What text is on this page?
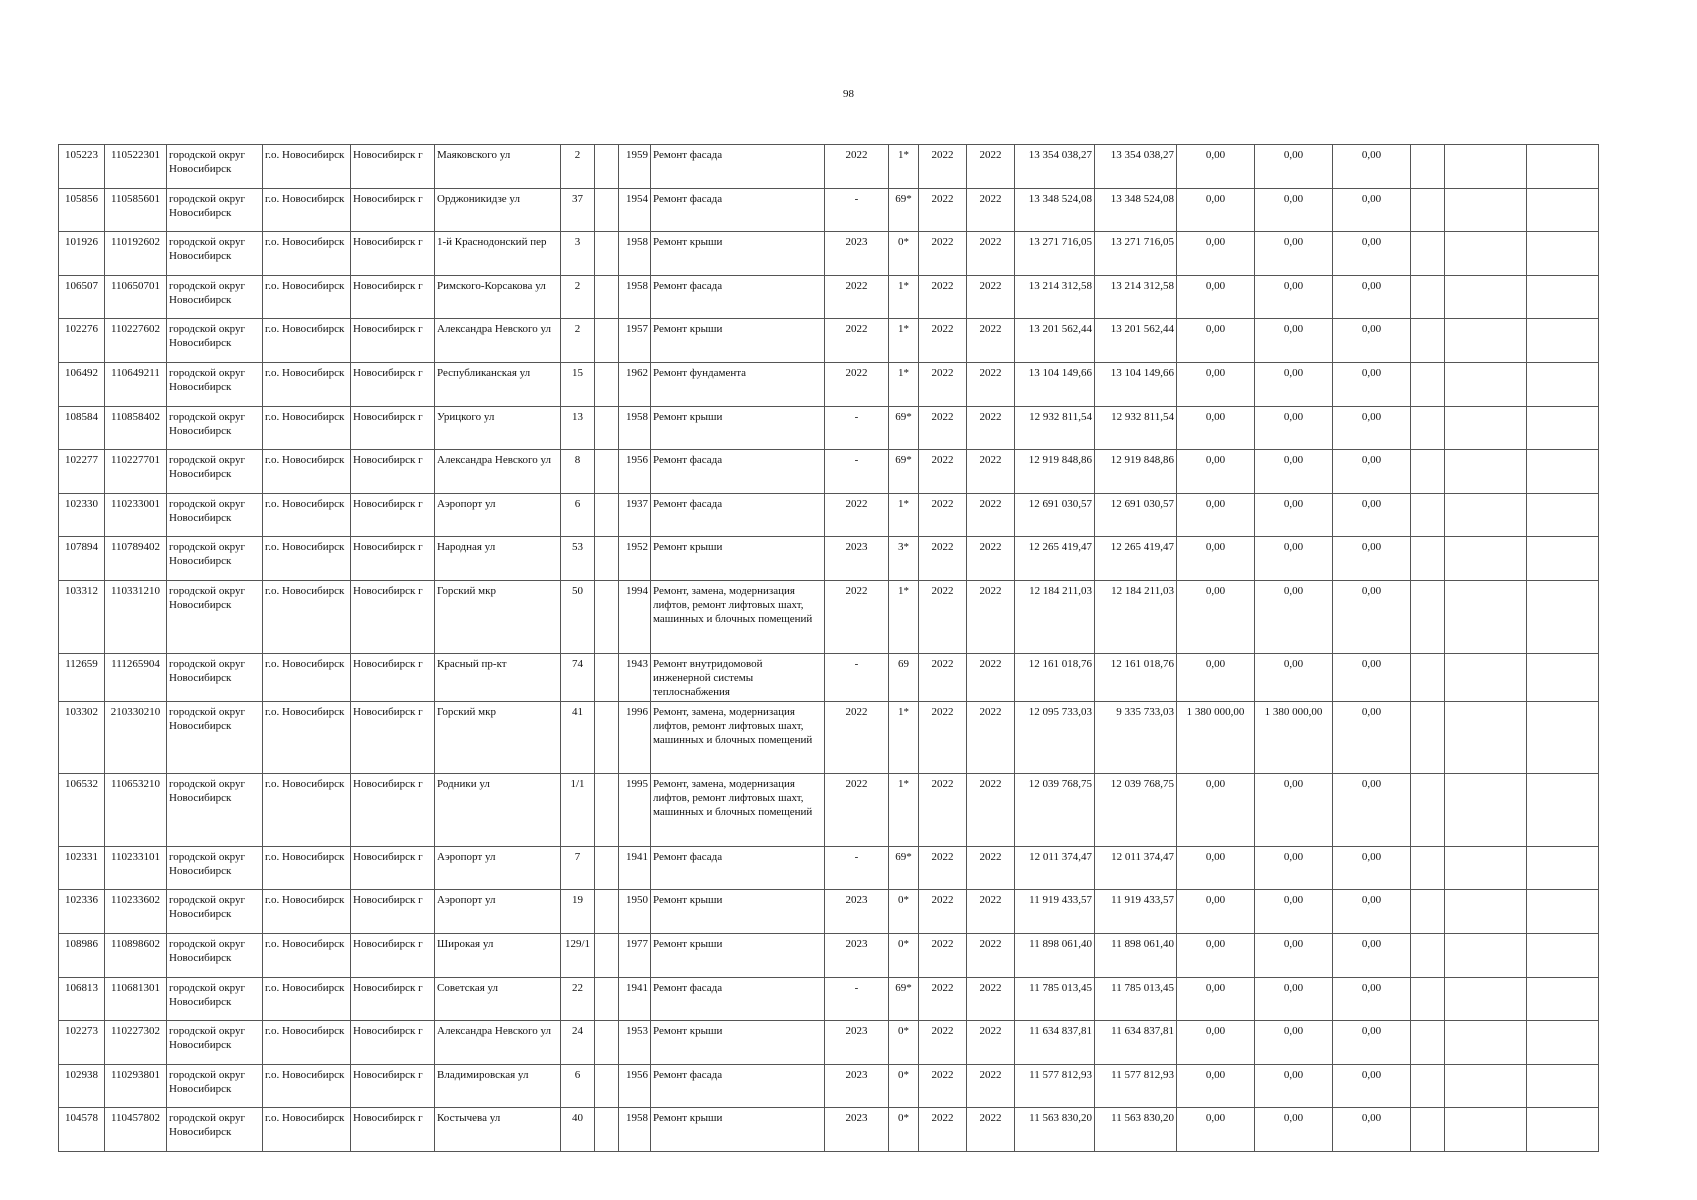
98
105223	110522301	городской округ Новосибирск	г.о. Новосибирск	Новосибирск г	Маяковского ул	2		1959	Ремонт фасада	2022	1*	2022	2022	13 354 038,27	13 354 038,27	0,00	0,00	0,00			
105856	110585601	городской округ Новосибирск	г.о. Новосибирск	Новосибирск г	Орджоникидзе ул	37		1954	Ремонт фасада	-	69*	2022	2022	13 348 524,08	13 348 524,08	0,00	0,00	0,00			
101926	110192602	городской округ Новосибирск	г.о. Новосибирск	Новосибирск г	1-й Краснодонский пер	3		1958	Ремонт крыши	2023	0*	2022	2022	13 271 716,05	13 271 716,05	0,00	0,00	0,00			
106507	110650701	городской округ Новосибирск	г.о. Новосибирск	Новосибирск г	Римского-Корсакова ул	2		1958	Ремонт фасада	2022	1*	2022	2022	13 214 312,58	13 214 312,58	0,00	0,00	0,00			
102276	110227602	городской округ Новосибирск	г.о. Новосибирск	Новосибирск г	Александра Невского ул	2		1957	Ремонт крыши	2022	1*	2022	2022	13 201 562,44	13 201 562,44	0,00	0,00	0,00			
106492	110649211	городской округ Новосибирск	г.о. Новосибирск	Новосибирск г	Республиканская ул	15		1962	Ремонт фундамента	2022	1*	2022	2022	13 104 149,66	13 104 149,66	0,00	0,00	0,00			
108584	110858402	городской округ Новосибирск	г.о. Новосибирск	Новосибирск г	Урицкого ул	13		1958	Ремонт крыши	-	69*	2022	2022	12 932 811,54	12 932 811,54	0,00	0,00	0,00			
102277	110227701	городской округ Новосибирск	г.о. Новосибирск	Новосибирск г	Александра Невского ул	8		1956	Ремонт фасада	-	69*	2022	2022	12 919 848,86	12 919 848,86	0,00	0,00	0,00			
102330	110233001	городской округ Новосибирск	г.о. Новосибирск	Новосибирск г	Аэропорт ул	6		1937	Ремонт фасада	2022	1*	2022	2022	12 691 030,57	12 691 030,57	0,00	0,00	0,00			
107894	110789402	городской округ Новосибирск	г.о. Новосибирск	Новосибирск г	Народная ул	53		1952	Ремонт крыши	2023	3*	2022	2022	12 265 419,47	12 265 419,47	0,00	0,00	0,00			
103312	110331210	городской округ Новосибирск	г.о. Новосибирск	Новосибирск г	Горский мкр	50		1994	Ремонт, замена, модернизация лифтов, ремонт лифтовых шахт, машинных и блочных помещений	2022	1*	2022	2022	12 184 211,03	12 184 211,03	0,00	0,00	0,00			
112659	111265904	городской округ Новосибирск	г.о. Новосибирск	Новосибирск г	Красный пр-кт	74		1943	Ремонт внутридомовой инженерной системы теплоснабжения	-	69	2022	2022	12 161 018,76	12 161 018,76	0,00	0,00	0,00			
103302	210330210	городской округ Новосибирск	г.о. Новосибирск	Новосибирск г	Горский мкр	41		1996	Ремонт, замена, модернизация лифтов, ремонт лифтовых шахт, машинных и блочных помещений	2022	1*	2022	2022	12 095 733,03	9 335 733,03	1 380 000,00	1 380 000,00	0,00			
106532	110653210	городской округ Новосибирск	г.о. Новосибирск	Новосибирск г	Родники ул	1/1		1995	Ремонт, замена, модернизация лифтов, ремонт лифтовых шахт, машинных и блочных помещений	2022	1*	2022	2022	12 039 768,75	12 039 768,75	0,00	0,00	0,00			
102331	110233101	городской округ Новосибирск	г.о. Новосибирск	Новосибирск г	Аэропорт ул	7		1941	Ремонт фасада	-	69*	2022	2022	12 011 374,47	12 011 374,47	0,00	0,00	0,00			
102336	110233602	городской округ Новосибирск	г.о. Новосибирск	Новосибирск г	Аэропорт ул	19		1950	Ремонт крыши	2023	0*	2022	2022	11 919 433,57	11 919 433,57	0,00	0,00	0,00			
108986	110898602	городской округ Новосибирск	г.о. Новосибирск	Новосибирск г	Широкая ул	129/1		1977	Ремонт крыши	2023	0*	2022	2022	11 898 061,40	11 898 061,40	0,00	0,00	0,00			
106813	110681301	городской округ Новосибирск	г.о. Новосибирск	Новосибирск г	Советская ул	22		1941	Ремонт фасада	-	69*	2022	2022	11 785 013,45	11 785 013,45	0,00	0,00	0,00			
102273	110227302	городской округ Новосибирск	г.о. Новосибирск	Новосибирск г	Александра Невского ул	24		1953	Ремонт крыши	2023	0*	2022	2022	11 634 837,81	11 634 837,81	0,00	0,00	0,00			
102938	110293801	городской округ Новосибирск	г.о. Новосибирск	Новосибирск г	Владимировская ул	6		1956	Ремонт фасада	2023	0*	2022	2022	11 577 812,93	11 577 812,93	0,00	0,00	0,00			
104578	110457802	городской округ Новосибирск	г.о. Новосибирск	Новосибирск г	Костычева ул	40		1958	Ремонт крыши	2023	0*	2022	2022	11 563 830,20	11 563 830,20	0,00	0,00	0,00			
